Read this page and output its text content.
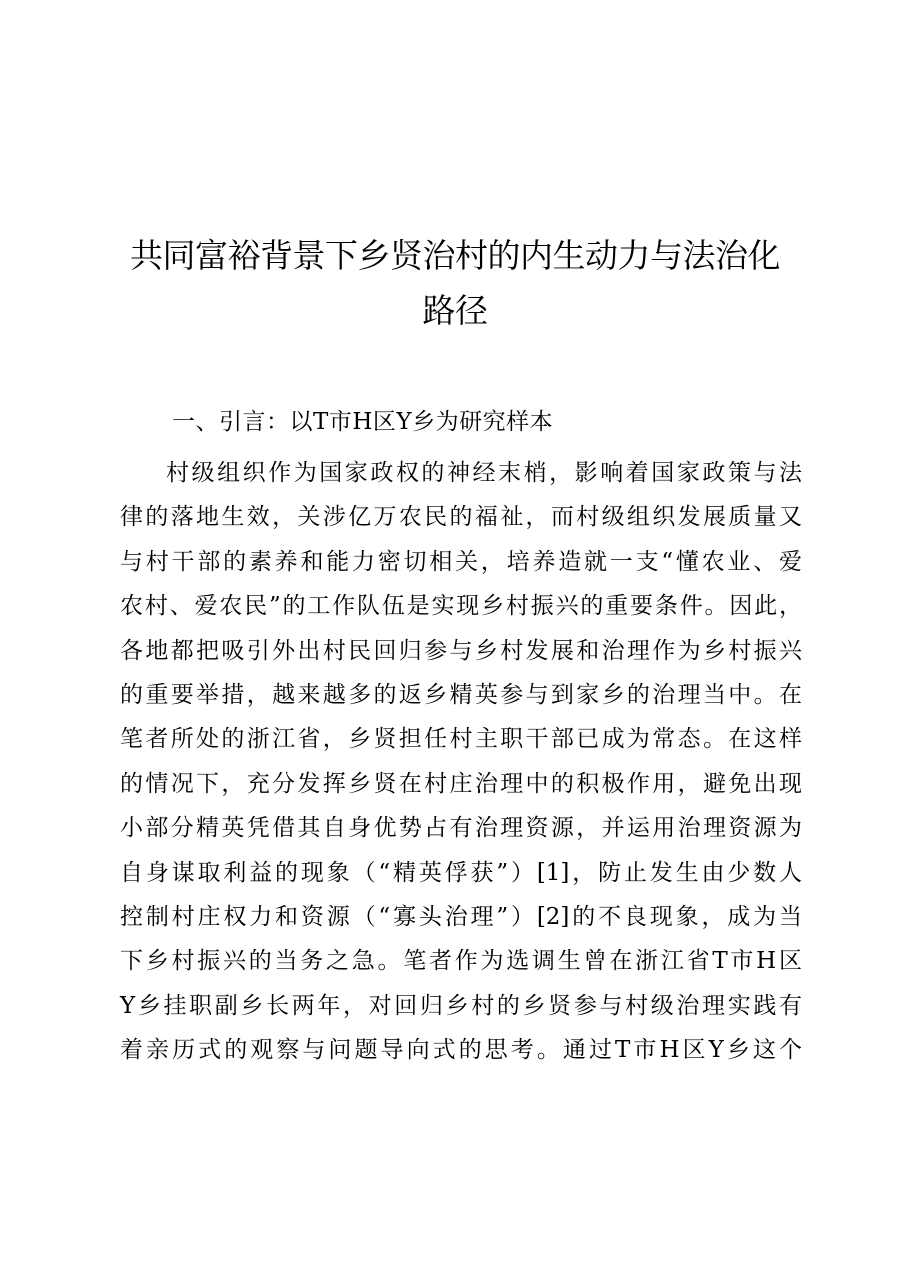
共同富裕背景下乡贤治村的内生动力与法治化
路径
一、引言：以T市H区Y乡为研究样本
村级组织作为国家政权的神经末梢，影响着国家政策与法
律的落地生效，关涉亿万农民的福祉，而村级组织发展质量又
与村干部的素养和能力密切相关，培养造就一支“懂农业、爱
农村、爱农民”的工作队伍是实现乡村振兴的重要条件。因此，
各地都把吸引外出村民回归参与乡村发展和治理作为乡村振兴
的重要举措，越来越多的返乡精英参与到家乡的治理当中。在
笔者所处的浙江省，乡贤担任村主职干部已成为常态。在这样
的情况下，充分发挥乡贤在村庄治理中的积极作用，避免出现
小部分精英凭借其自身优势占有治理资源，并运用治理资源为
自身谋取利益的现象（“精英俘获”）[1]，防止发生由少数人
控制村庄权力和资源（“寡头治理”）[2]的不良现象，成为当
下乡村振兴的当务之急。笔者作为选调生曾在浙江省T市H区
Y乡挂职副乡长两年，对回归乡村的乡贤参与村级治理实践有
着亲历式的观察与问题导向式的思考。通过T市H区Y乡这个
